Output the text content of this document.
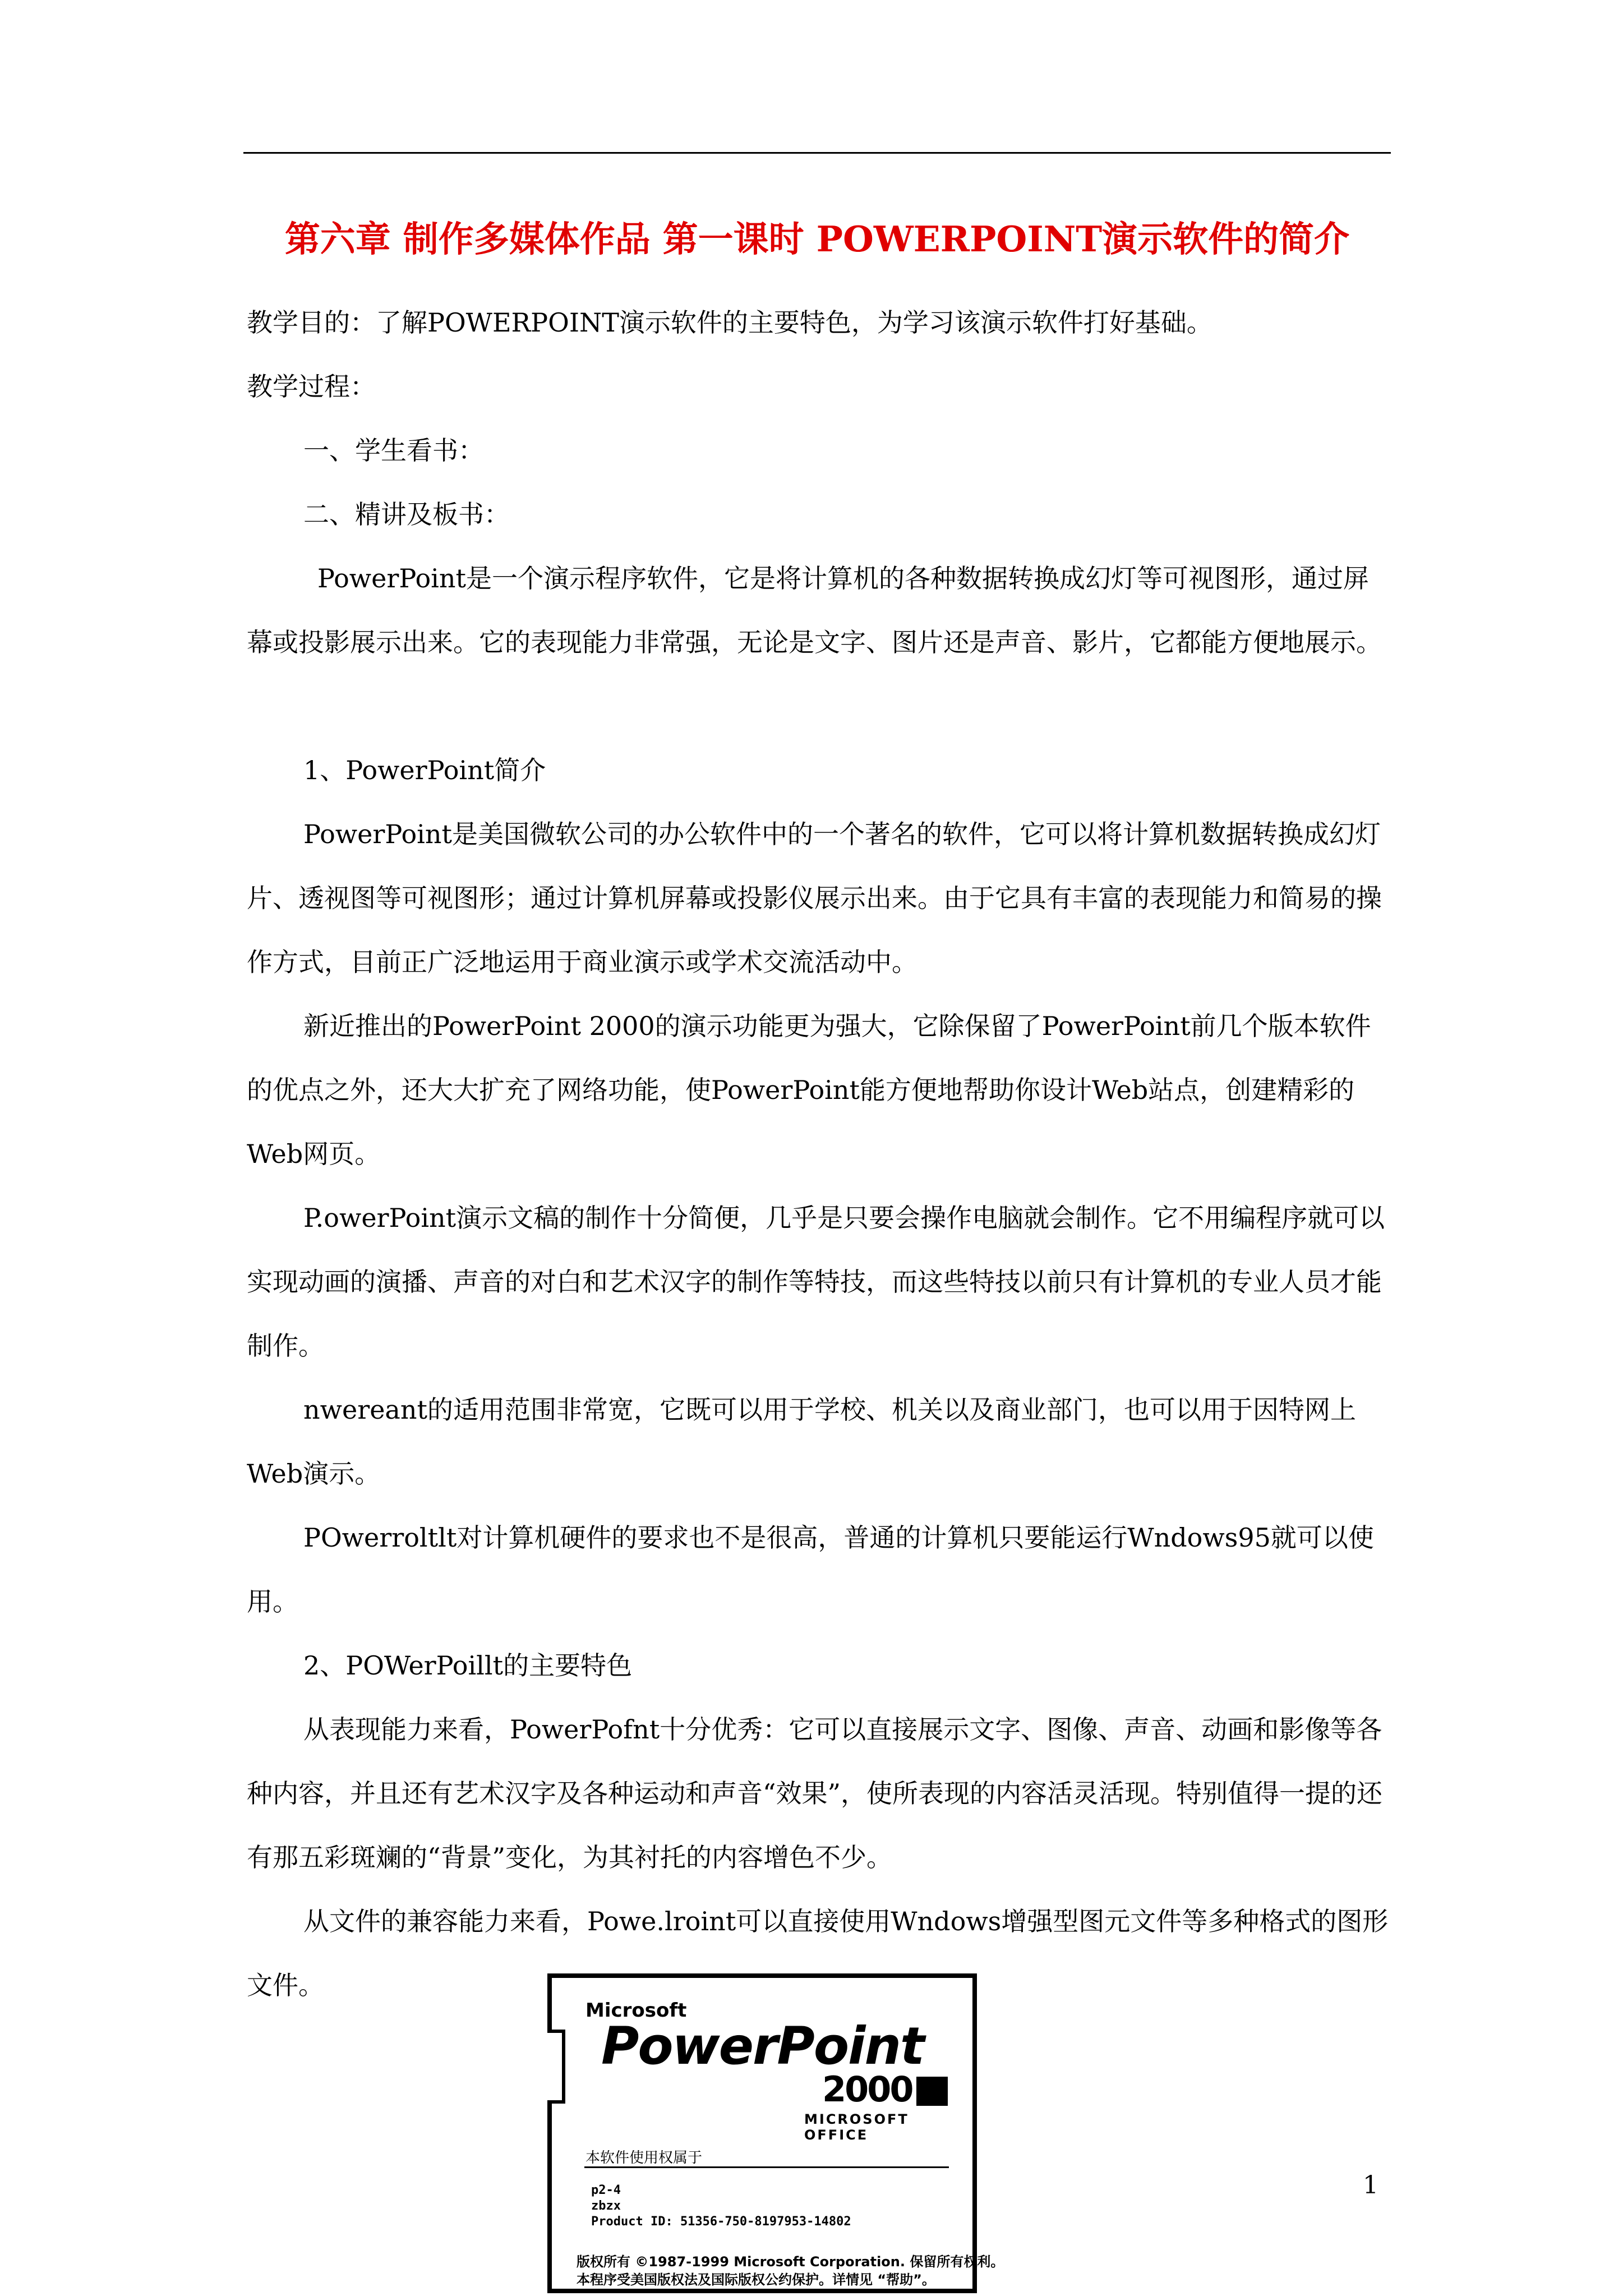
第六章 制作多媒体作品 第一课时 POWERPOINT演示软件的简介

教学目的：了解POWERPOINT演示软件的主要特色，为学习该演示软件打好基础。

教学过程：

一、学生看书：

二、精讲及板书：

PowerPoint是一个演示程序软件，它是将计算机的各种数据转换成幻灯等可视图形，通过屏幕或投影展示出来。它的表现能力非常强，无论是文字、图片还是声音、影片，它都能方便地展示。

1、PowerPoint简介

PowerPoint是美国微软公司的办公软件中的一个著名的软件，它可以将计算机数据转换成幻灯片、透视图等可视图形；通过计算机屏幕或投影仪展示出来。由于它具有丰富的表现能力和简易的操作方式，目前正广泛地运用于商业演示或学术交流活动中。

新近推出的PowerPoint 2000的演示功能更为强大，它除保留了PowerPoint前几个版本软件的优点之外，还大大扩充了网络功能，使PowerPoint能方便地帮助你设计Web站点，创建精彩的Web网页。

P.owerPoint演示文稿的制作十分简便，几乎是只要会操作电脑就会制作。它不用编程序就可以实现动画的演播、声音的对白和艺术汉字的制作等特技，而这些特技以前只有计算机的专业人员才能制作。

nwereant的适用范围非常宽，它既可以用于学校、机关以及商业部门，也可以用于因特网上Web演示。

POwerroltlt对计算机硬件的要求也不是很高，普通的计算机只要能运行Wndows95就可以使用。

2、POWerPoillt的主要特色

从表现能力来看，PowerPofnt十分优秀：它可以直接展示文字、图像、声音、动画和影像等各种内容，并且还有艺术汉字及各种运动和声音“效果”，使所表现的内容活灵活现。特别值得一提的还有那五彩斑斓的“背景”变化，为其衬托的内容增色不少。

从文件的兼容能力来看，Powe.lroint可以直接使用Wndows增强型图元文件等多种格式的图形文件。

Microsoft
PowerPoint
2000
MICROSOFT OFFICE
本软件使用权属于
p2-4
zbzx
Product ID: 51356-750-8197953-14802
版权所有 ©1987-1999 Microsoft Corporation. 保留所有权利。
本程序受美国版权法及国际版权公约保护。详情见 “帮助”。
1
